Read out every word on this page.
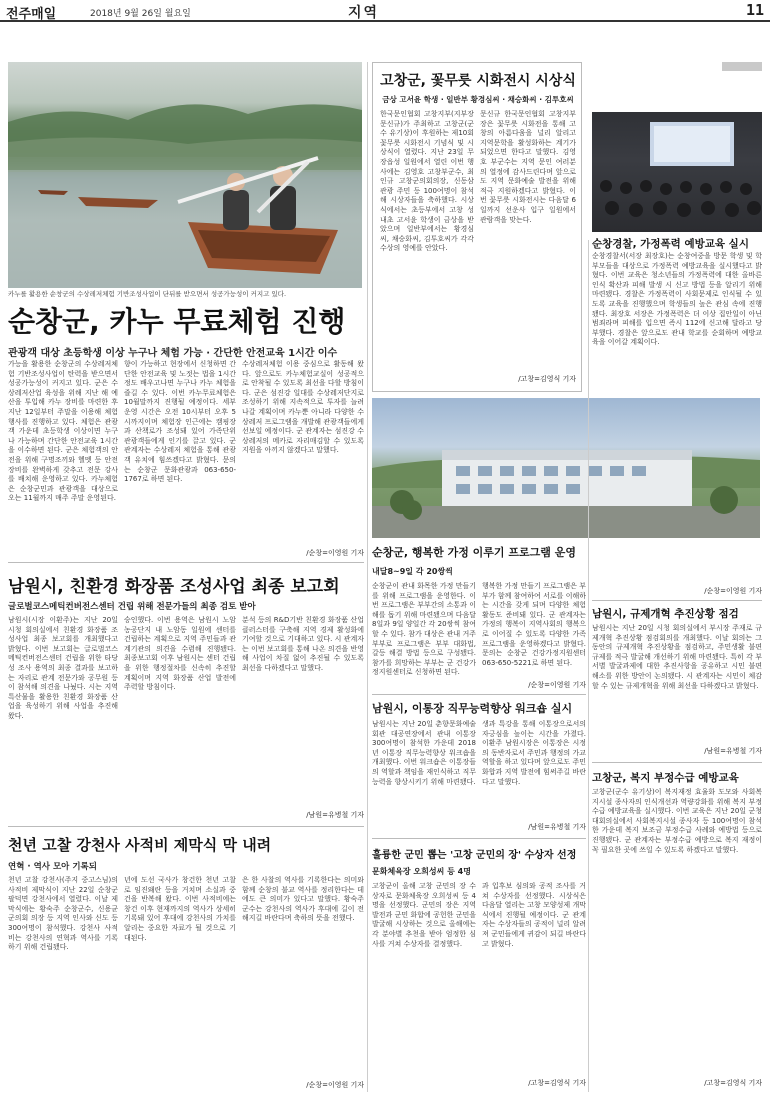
전주매일	2018년 9월 26일 월요일	지역	11
카누를 활용한 순창군의 수상레저체험 기반조성사업이 단뒤를 받으면서 성공가능성이 커지고 있다.
순창군, 카누 무료체험 진행
관광객 대상 초등학생 이상 누구나 체험 가능 · 간단한 안전교육 1시간 이수
가능을 활용한 순창군의 수상레저체험 기반조성사업이 탄력을 받으면서 성공가능성이 커지고 있다. 군은 수상레저산업 육성을 위해 지난 해 예산을 투입해 카누 장비를 마련한 후 지난 12일부터 주말을 이용해 체험행사를 진행하고 있다. 체험은 관광객 가운데 초등학생 이상이면 누구나 가능하며 간단한 안전교육 1시간을 이수하면 된다. 군은 체험객의 안전을 위해 구명조끼와 헬멧 등 안전장비를 완벽하게 갖추고 전문 강사를 배치해 운영하고 있다. 카누체험은 순창군민과 관광객을 대상으로 오는 11월까지 매주 주말 운영된다.
향이 가능하고 현장에서 신청하면 간단한 안전교육 및 노젓는 법을 1시간 정도 배우고나면 누구나 카누 체험을 즐길 수 있다. 이번 카누무료체험은 10월말까지 진행될 예정이다. 세부운영 시간은 오전 10시부터 오후 5시까지이며 체험장 인근에는 캠핑장과 산책로가 조성돼 있어 가족단위 관광객들에게 인기를 끌고 있다. 군 관계자는 수상레저 체험을 통해 관광객 유치에 힘쓰겠다고 밝혔다. 문의는 순창군 문화관광과 063-650-1767로 하면 된다.
수상레저체험 이용 중심으로 활동해 왔다. 앞으로도 카누체험교실이 성공적으로 안착될 수 있도록 최선을 다할 방침이다. 군은 섬진강 일대를 수상레저단지로 조성하기 위해 지속적으로 투자를 늘려나갈 계획이며 카누뿐 아니라 다양한 수상레저 프로그램을 개발해 관광객들에게 선보일 예정이다. 군 관계자는 섬진강 수상레저의 메카로 자리매김할 수 있도록 지원을 아끼지 않겠다고 말했다.
/순창=이영원 기자
고창군, 꽃무릇 시화전시 시상식
금상 고서윤 학생 · 일반부 황경심씨 · 채승화씨 · 김투호씨
한국문인협회 고창지부(지부장 문신규)가 주최하고 고창군(군수 유기상)이 후원하는 제10회 꽃무릇 시화전시 기념식 및 시상식이 열렸다. 지난 23일 무장읍성 일원에서 열린 이번 행사에는 김영호 고창부군수, 최인규 고창군의회의장, 신동삼 관광 주민 등 100여명이 참석해 시상자들을 축하했다. 시상식에서는 초등부에서 고창 성내초 고서윤 학생이 금상을 받았으며 일반부에서는 황경심씨, 채승화씨, 김투호씨가 각각 수상의 영예를 안았다.
문신규 한국문인협회 고창지부장은 꽃무릇 시화전을 통해 고창의 아름다움을 널리 알리고 지역문학을 활성화하는 계기가 되었으면 한다고 말했다. 김영호 부군수는 지역 문인 여러분의 열정에 감사드린다며 앞으로도 지역 문화예술 발전을 위해 적극 지원하겠다고 밝혔다. 이번 꽃무릇 시화전시는 다음달 6일까지 선운사 입구 일원에서 관람객을 맞는다.
/고창=김영식 기자
순창경찰, 가정폭력 예방교육 실시
순창경찰서(서장 최장호)는 순창여중을 방문 학생 및 학부모들을 대상으로 가정폭력 예방교육을 실시했다고 밝혔다. 이번 교육은 청소년들의 가정폭력에 대한 올바른 인식 확산과 피해 발생 시 신고 방법 등을 알리기 위해 마련됐다. 경찰은 가정폭력이 사회문제로 인식될 수 있도록 교육을 진행했으며 학생들의 높은 관심 속에 진행됐다. 최장호 서장은 가정폭력은 더 이상 집안일이 아닌 범죄라며 피해를 입으면 즉시 112에 신고해 달라고 당부했다. 경찰은 앞으로도 관내 학교를 순회하며 예방교육을 이어갈 계획이다.
/순창=이영원 기자
남원시, 규제개혁 추진상황 점검
남원시는 지난 20일 시청 회의실에서 부시장 주재로 규제개혁 추진상황 점검회의를 개최했다. 이날 회의는 그 동안의 규제개혁 추진상황을 점검하고, 주민생활 불편 규제를 적극 발굴해 개선하기 위해 마련됐다. 특히 각 부서별 발굴과제에 대한 추진사항을 공유하고 시민 불편 해소를 위한 방안이 논의됐다. 시 관계자는 시민이 체감할 수 있는 규제개혁을 위해 최선을 다하겠다고 밝혔다.
/남원=유병철 기자
고창군, 복지 부정수급 예방교육
고창군(군수 유기상)이 복지재정 효율화 도모와 사회복지시설 종사자의 인식개선과 역량강화를 위해 복지 부정수급 예방교육을 실시했다. 이번 교육은 지난 20일 군청 대회의실에서 사회복지시설 종사자 등 100여명이 참석한 가운데 복지 보조금 부정수급 사례와 예방법 등으로 진행됐다. 군 관계자는 부정수급 예방으로 복지 재정이 꼭 필요한 곳에 쓰일 수 있도록 하겠다고 말했다.
/고창=김영식 기자
순창군, 행복한 가정 이루기 프로그램 운영
내달8~9일 각 20쌍씩
순창군이 관내 화목한 가정 만들기를 위해 프로그램을 운영한다. 이번 프로그램은 부부간의 소통과 이해를 돕기 위해 마련됐으며 다음달 8일과 9일 양일간 각 20쌍씩 참여할 수 있다. 참가 대상은 관내 거주 부부로 프로그램은 부부 대화법, 갈등 해결 방법 등으로 구성됐다. 참가를 희망하는 부부는 군 건강가정지원센터로 신청하면 된다.
행복한 가정 만들기 프로그램은 부부가 함께 참여하여 서로를 이해하는 시간을 갖게 되며 다양한 체험 활동도 준비돼 있다. 군 관계자는 가정의 행복이 지역사회의 행복으로 이어질 수 있도록 다양한 가족 프로그램을 운영하겠다고 밝혔다. 문의는 순창군 건강가정지원센터 063-650-5221로 하면 된다.
/순창=이영원 기자
남원시, 이통장 직무능력향상 워크숍 실시
남원시는 지난 20일 춘향문화예술회관 대공연장에서 관내 이통장 300여명이 참석한 가운데 2018년 이통장 직무능력향상 워크숍을 개최했다. 이번 워크숍은 이통장들의 역할과 책임을 재인식하고 직무능력을 향상시키기 위해 마련됐다.
생과 특강을 통해 이통장으로서의 자긍심을 높이는 시간을 가졌다. 이환주 남원시장은 이통장은 시정의 동반자로서 주민과 행정의 가교 역할을 하고 있다며 앞으로도 주민 화합과 지역 발전에 힘써주길 바란다고 말했다.
/남원=유병철 기자
훌륭한 군민 뽑는 '고창 군민의 장' 수상자 선정
문화체육장 오희성씨 등 4명
고창군이 올해 고창 군민의 장 수상자로 문화체육장 오희성씨 등 4명을 선정했다. 군민의 장은 지역 발전과 군민 화합에 공헌한 군민을 발굴해 시상하는 것으로 올해에는 각 분야별 추천을 받아 엄정한 심사를 거쳐 수상자를 결정했다.
과 입후보 심의와 공적 조사를 거쳐 수상자를 선정했다. 시상식은 다음달 열리는 고창 모양성제 개막식에서 진행될 예정이다. 군 관계자는 수상자들의 공적이 널리 알려져 군민들에게 귀감이 되길 바란다고 밝혔다.
/고창=김영식 기자
남원시, 친환경 화장품 조성사업 최종 보고회
글로벌코스메틱컨버전스센터 건립 위해 전문가들의 최종 검토 받아
남원시(시장 이환주)는 지난 20일 시청 회의실에서 친환경 화장품 조성사업 최종 보고회를 개최했다고 밝혔다. 이번 보고회는 글로벌코스메틱컨버전스센터 건립을 위한 타당성 조사 용역의 최종 결과를 보고하는 자리로 관계 전문가와 공무원 등이 참석해 의견을 나눴다. 시는 지역 특산물을 활용한 친환경 화장품 산업을 육성하기 위해 사업을 추진해 왔다.
승인했다. 이번 용역은 남원시 노암농공단지 내 노암동 일원에 센터를 건립하는 계획으로 지역 주민들과 관계기관의 의견을 수렴해 진행됐다. 최종보고회 이후 남원시는 센터 건립을 위한 행정절차를 신속히 추진할 계획이며 지역 화장품 산업 발전에 주력할 방침이다.
분석 등의 R&D기반 친환경 화장품 산업 클러스터를 구축해 지역 경제 활성화에 기여할 것으로 기대하고 있다. 시 관계자는 이번 보고회를 통해 나온 의견을 반영해 사업이 차질 없이 추진될 수 있도록 최선을 다하겠다고 말했다.
/남원=유병철 기자
천년 고찰 강천사 사적비 제막식 막 내려
연혁 · 역사 모아 기록되
천년 고찰 강천사(주지 중고스님)의 사적비 제막식이 지난 22일 순창군 팔덕면 강천사에서 열렸다. 이날 제막식에는 황숙주 순창군수, 신용균 군의회 의장 등 지역 인사와 신도 등 300여명이 참석했다. 강천사 사적비는 강천사의 연혁과 역사를 기록하기 위해 건립됐다.
년에 도선 국사가 창건한 천년 고찰로 임진왜란 등을 거치며 소실과 중건을 반복해 왔다. 이번 사적비에는 창건 이후 현재까지의 역사가 상세히 기록돼 있어 후대에 강천사의 가치를 알리는 중요한 자료가 될 것으로 기대된다.
은 한 사찰의 역사를 기록한다는 의미와 함께 순창의 불교 역사를 정리한다는 데에도 큰 의미가 있다고 말했다. 황숙주 군수는 강천사의 역사가 후대에 길이 전해지길 바란다며 축하의 뜻을 전했다.
/순창=이영원 기자
